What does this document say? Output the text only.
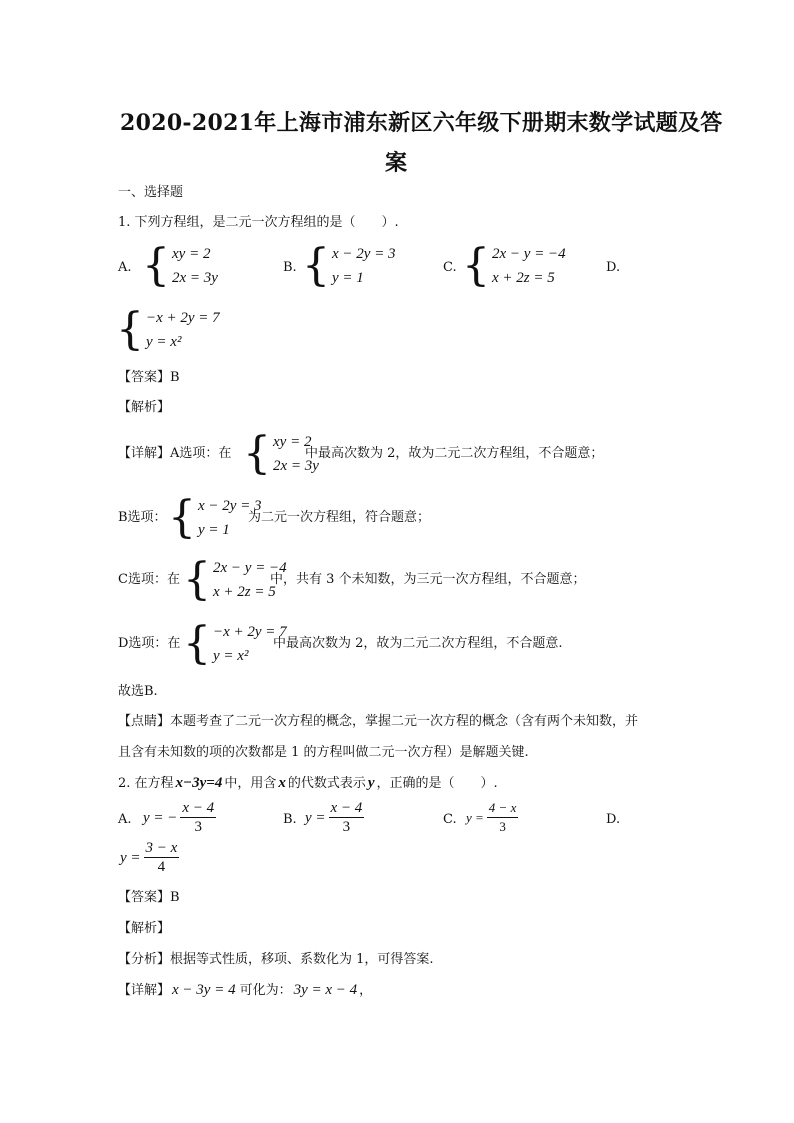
2020-2021年上海市浦东新区六年级下册期末数学试题及答
案
一、选择题
1. 下列方程组，是二元一次方程组的是（　　）.
A. { xy = 2
2x = 3y
B. { x − 2y = 3
y = 1
C. { 2x − y = −4
x + 2z = 5
D.
{ −x + 2y = 7
y = x²
【答案】B
【解析】
【详解】A选项：在 { xy = 2
2x = 3y
中最高次数为 2，故为二元二次方程组，不合题意；
B选项： { x − 2y = 3
y = 1
为二元一次方程组，符合题意；
C选项：在 { 2x − y = −4
x + 2z = 5
中，共有 3 个未知数，为三元一次方程组，不合题意；
D选项：在 { −x + 2y = 7
y = x²
中最高次数为 2，故为二元二次方程组，不合题意.
故选B.
【点睛】本题考查了二元一次方程的概念，掌握二元一次方程的概念（含有两个未知数，并
且含有未知数的项的次数都是 1 的方程叫做二元一次方程）是解题关键.
2. 在方程 x−3y=4 中，用含 x 的代数式表示 y ，正确的是（　　）.
A. y = − $\frac{x - 4}{3}$	B. $y = \frac{x - 4}{3}$	C. $y = \frac{4 - x}{3}$	D.
$y = \frac{3 - x}{4}$
【答案】B
【解析】
【分析】根据等式性质，移项、系数化为 1，可得答案.
【详解】 x − 3y = 4 可化为： 3y = x − 4 ，
